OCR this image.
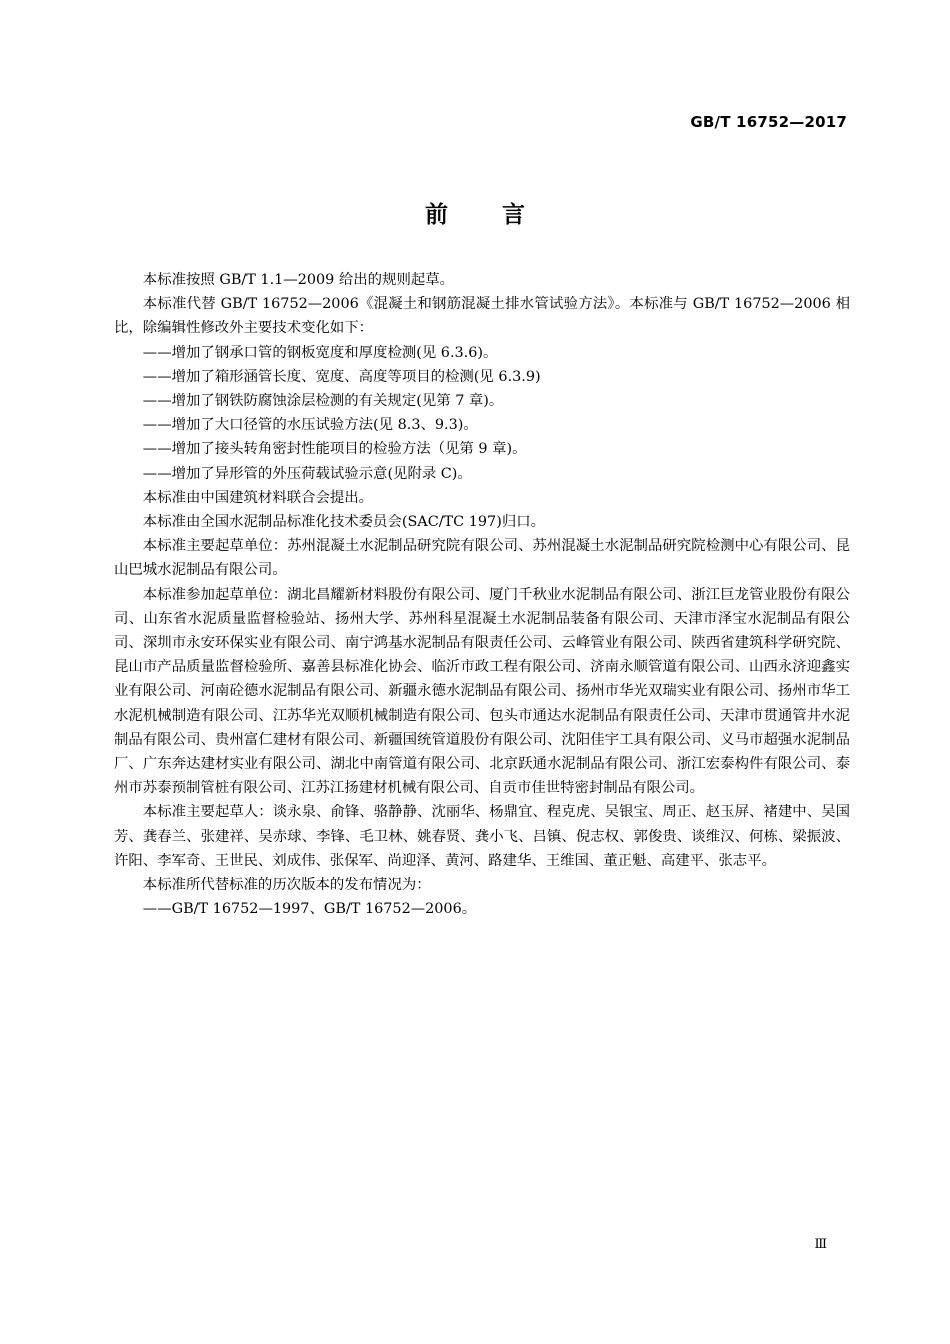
GB/T 16752—2017
前言

本标准按照 GB/T 1.1—2009 给出的规则起草。

本标准代替 GB/T 16752—2006《混凝土和钢筋混凝土排水管试验方法》。本标准与 GB/T 16752—2006 相比，除编辑性修改外主要技术变化如下：

——增加了钢承口管的钢板宽度和厚度检测(见 6.3.6)。

——增加了箱形涵管长度、宽度、高度等项目的检测(见 6.3.9)

——增加了钢铁防腐蚀涂层检测的有关规定(见第 7 章)。

——增加了大口径管的水压试验方法(见 8.3、9.3)。

——增加了接头转角密封性能项目的检验方法（见第 9 章)。

——增加了异形管的外压荷载试验示意(见附录 C)。

本标准由中国建筑材料联合会提出。

本标准由全国水泥制品标准化技术委员会(SAC/TC 197)归口。

本标准主要起草单位：苏州混凝土水泥制品研究院有限公司、苏州混凝土水泥制品研究院检测中心有限公司、昆山巴城水泥制品有限公司。

本标准参加起草单位：湖北昌耀新材料股份有限公司、厦门千秋业水泥制品有限公司、浙江巨龙管业股份有限公司、山东省水泥质量监督检验站、扬州大学、苏州科星混凝土水泥制品装备有限公司、天津市泽宝水泥制品有限公司、深圳市永安环保实业有限公司、南宁鸿基水泥制品有限责任公司、云峰管业有限公司、陕西省建筑科学研究院、昆山市产品质量监督检验所、嘉善县标准化协会、临沂市政工程有限公司、济南永顺管道有限公司、山西永济迎鑫实业有限公司、河南砼德水泥制品有限公司、新疆永德水泥制品有限公司、扬州市华光双瑞实业有限公司、扬州市华工水泥机械制造有限公司、江苏华光双顺机械制造有限公司、包头市通达水泥制品有限责任公司、天津市贯通管井水泥制品有限公司、贵州富仁建材有限公司、新疆国统管道股份有限公司、沈阳佳宇工具有限公司、义马市超强水泥制品厂、广东奔达建材实业有限公司、湖北中南管道有限公司、北京跃通水泥制品有限公司、浙江宏泰构件有限公司、泰州市苏泰预制管桩有限公司、江苏江扬建材机械有限公司、自贡市佳世特密封制品有限公司。

本标准主要起草人：谈永泉、俞锋、骆静静、沈丽华、杨鼎宜、程克虎、吴银宝、周正、赵玉屏、褚建中、吴国芳、龚春兰、张建祥、吴赤球、李锋、毛卫林、姚春贤、龚小飞、吕镇、倪志权、郭俊贵、谈维汉、何栋、梁振波、许阳、李军奇、王世民、刘成伟、张保军、尚迎泽、黄河、路建华、王维国、董正魁、高建平、张志平。

本标准所代替标准的历次版本的发布情况为：

——GB/T 16752—1997、GB/T 16752—2006。

Ⅲ
